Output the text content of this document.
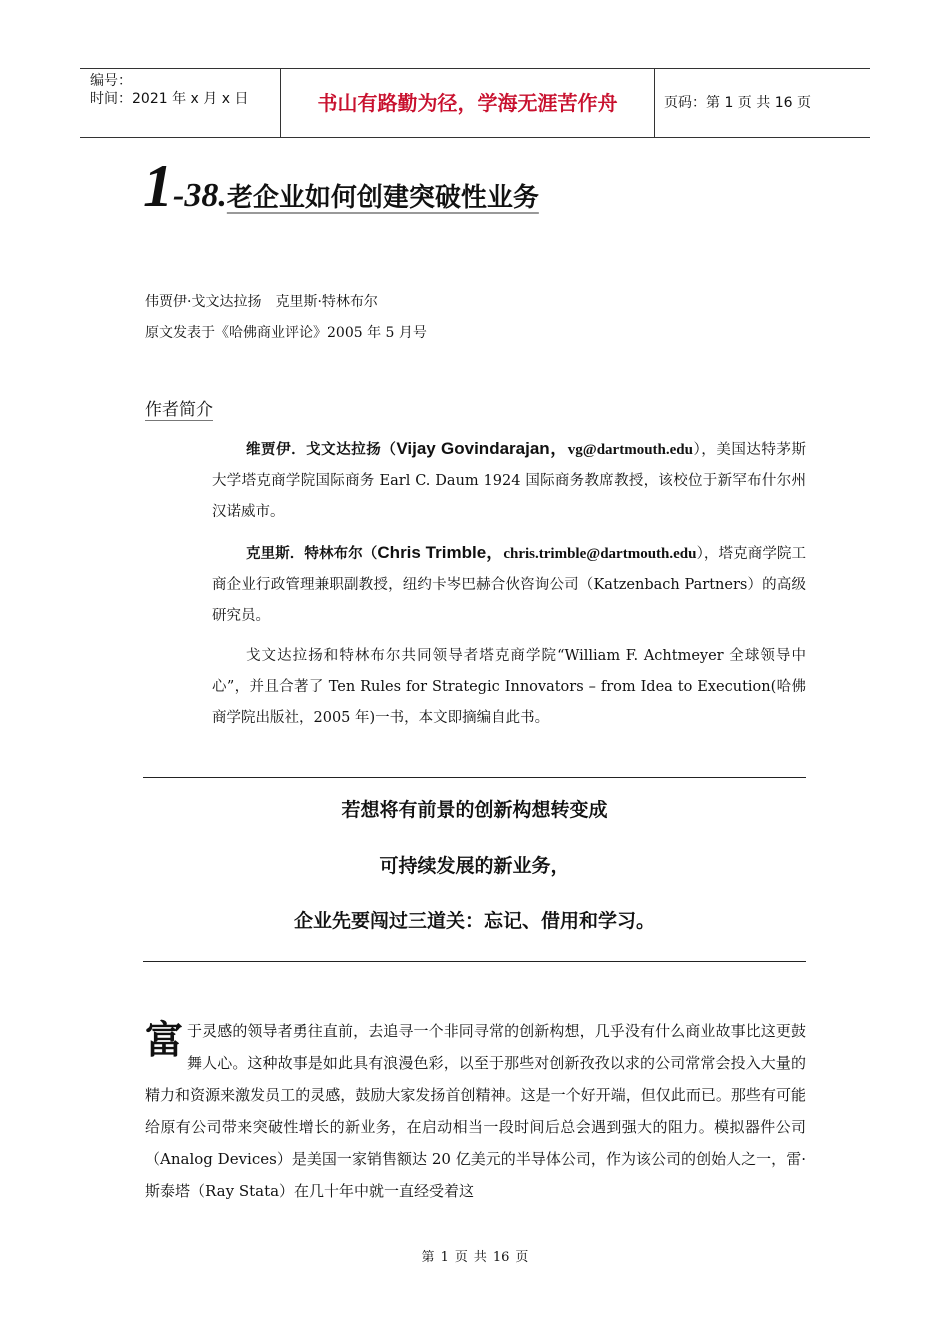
编号：
时间：2021 年 x 月 x 日	书山有路勤为径，学海无涯苦作舟	页码：第 1 页 共 16 页
1-38.老企业如何创建突破性业务
伟贾伊·戈文达拉扬　克里斯·特林布尔
原文发表于《哈佛商业评论》2005 年 5 月号
作者简介

维贾伊．戈文达拉扬（Vijay Govindarajan，vg@dartmouth.edu），美国达特茅斯大学塔克商学院国际商务 Earl C. Daum 1924 国际商务教席教授，该校位于新罕布什尔州汉诺威市。

克里斯．特林布尔（Chris Trimble，chris.trimble@dartmouth.edu），塔克商学院工商企业行政管理兼职副教授，纽约卡岑巴赫合伙咨询公司（Katzenbach Partners）的高级研究员。

戈文达拉扬和特林布尔共同领导者塔克商学院“William F. Achtmeyer 全球领导中心”，并且合著了 Ten Rules for Strategic Innovators – from Idea to Execution(哈佛商学院出版社，2005 年)一书，本文即摘编自此书。

若想将有前景的创新构想转变成
可持续发展的新业务，
企业先要闯过三道关：忘记、借用和学习。
富于灵感的领导者勇往直前，去追寻一个非同寻常的创新构想，几乎没有什么商业故事比这更鼓舞人心。这种故事是如此具有浪漫色彩，以至于那些对创新孜孜以求的公司常常会投入大量的精力和资源来激发员工的灵感，鼓励大家发扬首创精神。这是一个好开端，但仅此而已。那些有可能给原有公司带来突破性增长的新业务，在启动相当一段时间后总会遇到强大的阻力。模拟器件公司（Analog Devices）是美国一家销售额达 20 亿美元的半导体公司，作为该公司的创始人之一，雷·斯泰塔（Ray Stata）在几十年中就一直经受着这
第 1 页 共 16 页
